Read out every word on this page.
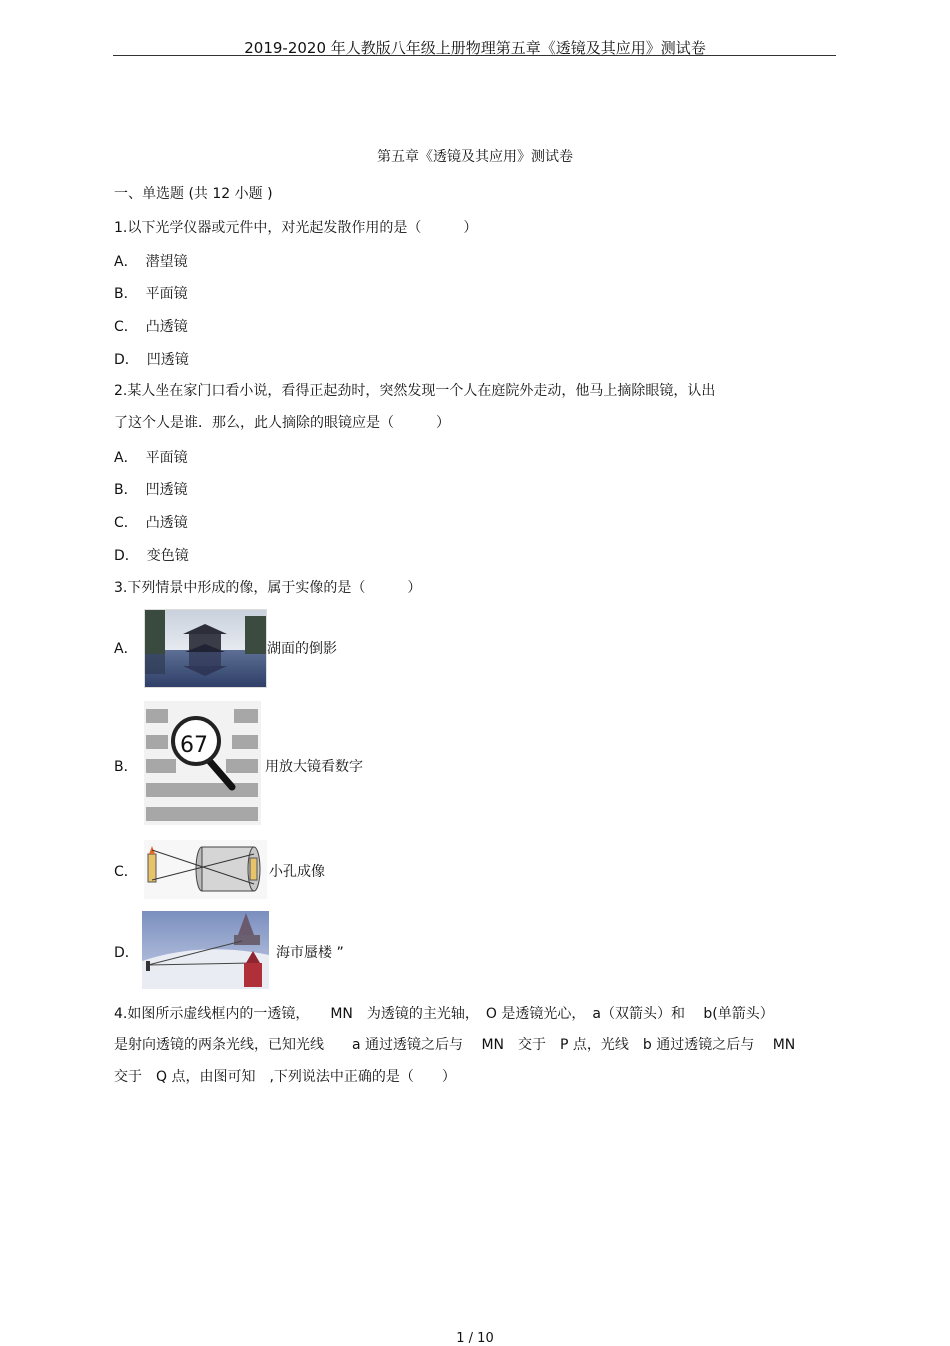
2019-2020 年人教版八年级上册物理第五章《透镜及其应用》测试卷
第五章《透镜及其应用》测试卷
一、单选题 (共 12 小题 )
1.以下光学仪器或元件中，对光起发散作用的是（　　　）
A． 潜望镜
B． 平面镜
C． 凸透镜
D． 凹透镜
2.某人坐在家门口看小说，看得正起劲时，突然发现一个人在庭院外走动，他马上摘除眼镜，认出
了这个人是谁．那么，此人摘除的眼镜应是（　　　）
A． 平面镜
B． 凹透镜
C． 凸透镜
D． 变色镜
3.下列情景中形成的像，属于实像的是（　　　）
A．	湖面的倒影
B．
67
用放大镜看数字
C．	小孔成像
D．	海市蜃楼 ”
4.如图所示虚线框内的一透镜，　　MN　为透镜的主光轴，　O 是透镜光心，　a（双箭头）和　 b(单箭头）
是射向透镜的两条光线，已知光线　　a 通过透镜之后与　 MN　交于　P 点，光线　b 通过透镜之后与　 MN
交于　Q 点，由图可知　,下列说法中正确的是（　　）
1 / 10
